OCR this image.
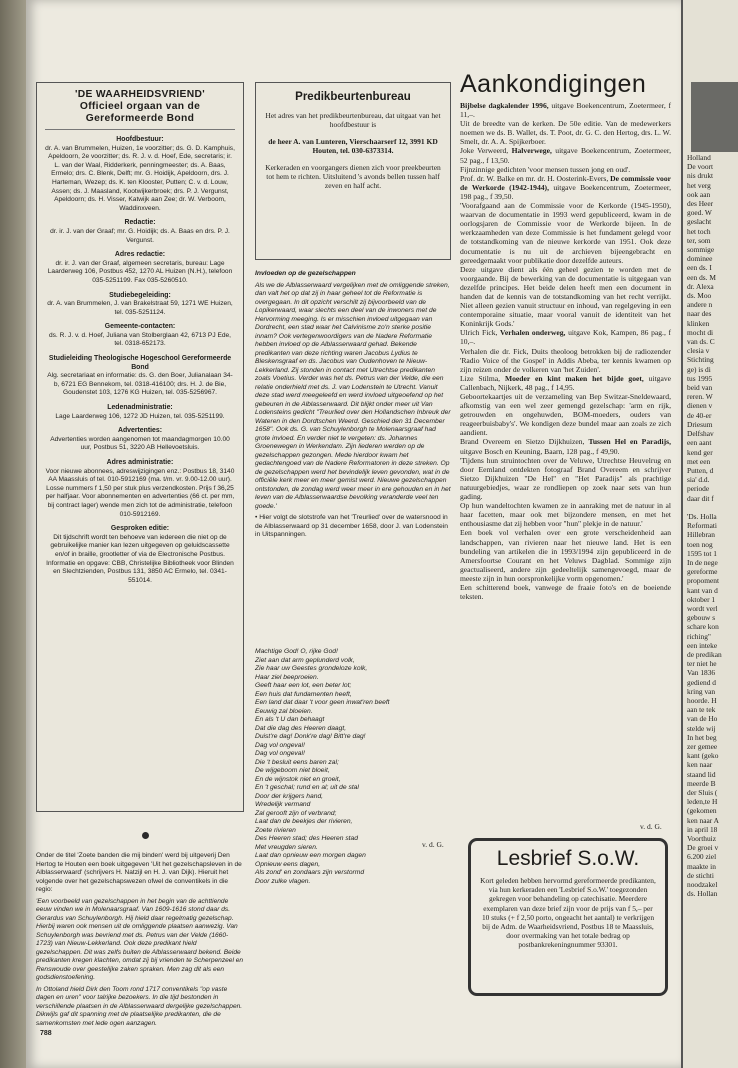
'DE WAARHEIDSVRIEND'
Officieel orgaan van de
Gereformeerde Bond
Hoofdbestuur:
dr. A. van Brummelen, Huizen, 1e voorzitter; ds. G. D. Kamphuis, Apeldoorn, 2e voorzitter; ds. R. J. v. d. Hoef, Ede, secretaris; ir. L. van der Waal, Ridderkerk, penningmeester; ds. A. Baas, Ermelo; drs. C. Blenk, Delft; mr. G. Hoidijk, Apeldoorn, drs. J. Harteman, Wezep; ds. K. ten Klooster, Putten; C. v. d. Louw, Assen; ds. J. Maasland, Kootwijkerbroek; drs. P. J. Vergunst, Apeldoorn; ds. H. Visser, Katwijk aan Zee; dr. W. Verboom, Waddinxveen.
Redactie:
dr. ir. J. van der Graaf; mr. G. Hoidijk; ds. A. Baas en drs. P. J. Vergunst.
Adres redactie:
dr. ir. J. van der Graaf, algemeen secretaris, bureau: Lage Laarderweg 106, Postbus 452, 1270 AL Huizen (N.H.), telefoon 035-5251199. Fax 035-5260510.
Studiebegeleiding:
dr. A. van Brummelen, J. van Brakelstraat 59, 1271 WE Huizen, tel. 035-5251124.
Gemeente-contacten:
ds. R. J. v. d. Hoef, Juliana van Stolberglaan 42, 6713 PJ Ede, tel. 0318-652173.
Studieleiding Theologische Hogeschool Gereformeerde Bond
Alg. secretariaat en informatie: ds. G. den Boer, Julianalaan 34-b, 6721 EG Bennekom, tel. 0318-416100; drs. H. J. de Bie, Goudenstet 103, 1276 KG Huizen, tel. 035-5256967.
Ledenadministratie:
Lage Laarderweg 106, 1272 JD Huizen, tel. 035-5251199.
Advertenties:
Advertenties worden aangenomen tot maandagmorgen 10.00 uur, Postbus 51, 3220 AB Hellevoetsluis.
Adres administratie:
Voor nieuwe abonnees, adreswijzigingen enz.: Postbus 18, 3140 AA Maassluis of tel. 010-5912169 (ma. t/m. vr. 9.00-12.00 uur). Losse nummers f 1,50 per stuk plus verzendkosten. Prijs f 36,25 per halfjaar. Voor abonnementen en advertenties (66 ct. per mm, bij contract lager) wende men zich tot de administratie, telefoon 010-5912169.
Gesproken editie:
Dit tijdschrift wordt ten behoeve van iedereen die niet op de gebruikelijke manier kan lezen uitgegeven op geluidscassette en/of in braille, grootletter of via de Electronische Postbus. Informatie en opgave: CBB, Christelijke Bibliotheek voor Blinden en Slechtzienden, Postbus 131, 3850 AC Ermelo, tel. 0341-551014.

Onder de titel 'Zoete banden die mij binden' werd bij uitgeverij Den Hertog te Houten een boek uitgegeven 'Uit het gezelschapsleven in de Alblasserwaard' (schrijvers H. Natzijl en H. J. van Dijk). Hieruit het volgende over het gezelschapswezen ofwel de conventikels in die regio:

'Een voorbeeld van gezelschappen in het begin van de achttiende eeuw vinden we in Molenaarsgraaf. Van 1609-1616 stond daar ds. Gerardus van Schuylenborgh. Hij hield daar regelmatig gezelschap. Hierbij waren ook mensen uit de omliggende plaatsen aanwezig. Van Schuylenborgh was bevriend met ds. Petrus van der Velde (1660-1723) van Nieuw-Lekkerland. Ook deze predikant hield gezelschappen. Dit was zelfs buiten de Alblasserwaard bekend. Beide predikanten kregen klachten, omdat zij bij vrienden te Scherpenzeel en Renswoude over geestelijke zaken spraken. Men zag dit als een godsdienstoefening.

In Ottoland hield Dirk den Toom rond 1717 conventikels "op vaste dagen en uren" voor talrijke bezoekers. In die tijd bestonden in verschillende plaatsen in de Alblasserwaard dergelijke gezelschappen. Dikwijls gaf dit spanning met de plaatselijke predikanten, die de samenkomsten met lede ogen aanzagen.

788
Predikbeurtenbureau

Het adres van het predikbeurtenbureau, dat uitgaat van het hoofdbestuur is

de heer A. van Lunteren, Vierschaarserf 12, 3991 KD Houten, tel. 030-6373314.

Kerkeraden en voorgangers dienen zich voor preekbeurten tot hem te richten. Uitsluitend 's avonds bellen tussen half zeven en half acht.

Invloeden op de gezelschappen

Als we de Alblasserwaard vergelijken met de omliggende streken, dan valt het op dat zij in haar geheel tot de Reformatie is overgegaan. In dit opzicht verschilt zij bijvoorbeeld van de Lopikerwaard, waar slechts een deel van de inwoners met de Hervorming meeging. Is er misschien invloed uitgegaan van Dordrecht, een stad waar het Calvinisme zo'n sterke positie innam? Ook vertegenwoordigers van de Nadere Reformatie hebben invloed op de Alblasserwaard gehad. Bekende predikanten van deze richting waren Jacobus Lydius te Bleskensgraaf en ds. Jacobus van Oudenhoven te Nieuw-Lekkerland. Zij stonden in contact met Utrechtse predikanten zoals Voetius. Verder was het ds. Petrus van der Velde, die een relatie onderhield met ds. J. van Lodenstein te Utrecht. Vanuit deze stad werd meegeleefd en werd invloed uitgeoefend op het gebeuren in de Alblasserwaard. Dit blijkt onder meer uit Van Lodensteins gedicht "Treurlied over den Hollandschen Inbreuk der Wateren in den Dordtschen Weerd. Geschied den 31 December 1658". Ook ds. G. van Schuylenborgh te Molenaarsgraaf had grote invloed. En verder niet te vergeten: ds. Johannes Groenewegen in Werkendam. Zijn liederen werden op de gezelschappen gezongen. Mede hierdoor kwam het gedachtengoed van de Nadere Reformatoren in deze streken. Op de gezelschappen werd het bevindelijk leven gevonden, wat in de officiële kerk meer en meer gemist werd. Nieuwe gezelschappen ontstonden, de zondag werd weer meer in ere gehouden en in het leven van de Alblasserwaardse bevolking veranderde veel ten goede.'

• Hier volgt de slotstrofe van het 'Treurlied' over de watersnood in de Alblasserwaard op 31 december 1658, door J. van Lodenstein in Uitspanningen.

Machtige God! O, rijke God!
Ziet aan dat arm geplunderd volk,
Zie haar uw Geestes grondeloze kolk,
Haar ziel beeproeien.
Geeft haar een lot, een beter lot;
Een huis dat fundamenten heeft,
Een land dat daar 't voor geen inwat'ren beeft
Eeuwig zal bloeien.
En als 't U dan behaagt
Dat die dag des Heeren daagt,
Duist're dag! Donk're dag! Bitt're dag!
Dag vol ongeval!
Dag vol ongeval!
Die 't besluit eens baren zal;
De wijgeboom niet bloeit,
En de wijnstok niet en groeit,
En 't geschal; rund en al; uit de stal
Door der krijgers hand,
Wredelijk vermand
Zal gerooft zijn of verbrand;
Laat dan de beekjes der rivieren,
Zoete rivieren
Des Heeren stad; des Heeren stad
Met vreugden sieren.
Laat dan opnieuw een morgen dagen
Opnieuw eens dagen,
Als zond' en zondaars zijn verstormd
Door zulke vlagen.
v. d. G.
Aankondigingen

Bijbelse dagkalender 1996, uitgave Boekencentrum, Zoetermeer, f 11,–.

Uit de breedte van de kerken. De 50e editie. Van de medewerkers noemen we ds. B. Wallet, ds. T. Poot, dr. G. C. den Hertog, drs. L. W. Smelt, dr. A. A. Spijkerboer.

Joke Verweerd, Halverwege, uitgave Boekencentrum, Zoetermeer, 52 pag., f 13,50.

Fijnzinnige gedichten 'voor mensen tussen jong en oud'.

Prof. dr. W. Balke en mr. dr. H. Oosterink-Evers, De commissie voor de Werkorde (1942-1944), uitgave Boekencentrum, Zoetermeer, 198 pag., f 39,50.

'Voorafgaand aan de Commissie voor de Kerkorde (1945-1950), waarvan de documentatie in 1993 werd gepubliceerd, kwam in de oorlogsjaren de Commissie voor de Werkorde bijeen. In de werkzaamheden van deze Commissie is het fundament gelegd voor de totstandkoming van de nieuwe kerkorde van 1951. Ook deze documentatie is nu uit de archieven bijeengebracht en gereedgemaakt voor publikatie door dezelfde auteurs.

Deze uitgave dient als één geheel gezien te worden met de voorgaande. Bij de bewerking van de documentatie is uitgegaan van dezelfde principes. Het beide delen heeft men een document in handen dat de kennis van de totstandkoming van het recht verrijkt. Niet alleen gezien vanuit structuur en inhoud, van regelgeving in een contemporaine situatie, maar vooral vanuit de identiteit van het Koninkrijk Gods.'

Ulrich Fick, Verhalen onderweg, uitgave Kok, Kampen, 86 pag., f 10,–.

Verhalen die dr. Fick, Duits theoloog betrokken bij de radiozender 'Radio Voice of the Gospel' in Addis Abeba, ter kennis kwamen op zijn reizen onder de volkeren van 'het Zuiden'.

Lize Stilma, Moeder en kint maken het bijde goet, uitgave Callenbach, Nijkerk, 48 pag., f 14,95.

Geboortekaartjes uit de verzameling van Bep Switzar-Sneldewaard, afkomstig van een wel zeer gemengd gezelschap: 'arm en rijk, getrouwden en ongehuwden, BOM-moeders, ouders van reageerbuisbaby's'. We kondigen deze bundel maar aan zoals ze zich aandient.

Brand Overeem en Sietzo Dijkhuizen, Tussen Hel en Paradijs, uitgave Bosch en Keuning, Baarn, 128 pag., f 49,90.

'Tijdens hun struintochten over de Veluwe, Utrechtse Heuvelrug en door Eemland ontdekten fotograaf Brand Overeem en schrijver Sietzo Dijkhuizen "De Hel" en "Het Paradijs" als prachtige natuurgebiedjes, waar ze rondliepen op zoek naar sets van hun gading.

Op hun wandeltochten kwamen ze in aanraking met de natuur in al haar facetten, maar ook met bijzondere mensen, en met het enthousiasme dat zij hebben voor "hun" plekje in de natuur.'

Een boek vol verhalen over een grote verscheidenheid aan landschappen, van rivieren naar het nieuwe land. Het is een bundeling van artikelen die in 1993/1994 zijn gepubliceerd in de Amersfoortse Courant en het Veluws Dagblad. Sommige zijn geactualiseerd, andere zijn gedeeltelijk samengevoegd, maar de meeste zijn in hun oorspronkelijke vorm opgenomen.'

Een schitterend boek, vanwege de fraaie foto's en de boeiende teksten.

v. d. G.
Lesbrief S.o.W.

Kort geleden hebben hervormd gereformeerde predikanten, via hun kerkeraden een 'Lesbrief S.o.W.' toegezonden gekregen voor behandeling op catechisatie. Meerdere exemplaren van deze brief zijn voor de prijs van f 5,– per 10 stuks (+ f 2,50 porto, ongeacht het aantal) te verkrijgen bij de Adm. de Waarheidsvriend, Postbus 18 te Maassluis, door overmaking van het totale bedrag op postbankrekeningnummer 93301.

Holland
De voort
nis drukt
het verg
ook aan
des Heer
goed. W
geslacht
het toch
ter, som
sommige
dominee
een ds. I
een ds. M
dr. Alexa
ds. Moo
andere n
naar des
klinken
mocht di
van ds. C
clesia v
Stichting
ge) is di
tus 1995
beid van
reren. W
dienen v
de 40-er
Driesum
Delfshav
een aant
kend ger
met een
Putten, d
sia' d.d.
periode
daar dit f

'Ds. Holla
Reformati
Hillebran
toen nog
1595 tot 1
In de nege
gereforme
propoment
kant van d
oktober 1
wordt verl
gebouw s
schare kon
riching"
een inteke
de predikan
ter niet he
Van 1836
gediend d
kring van
hoorde. H
aan te tek
van de Ho
stelde wij
In het beg
zer gemee
kant (geko
ken naar
staand lid
meerde B
der Sluis (
leden,te H
(gekomen
ken naar A
in april 18
Voorthuiz
De groei v
6.200 ziel
maakte in
de stichti
noodzakel
ds. Hollan
